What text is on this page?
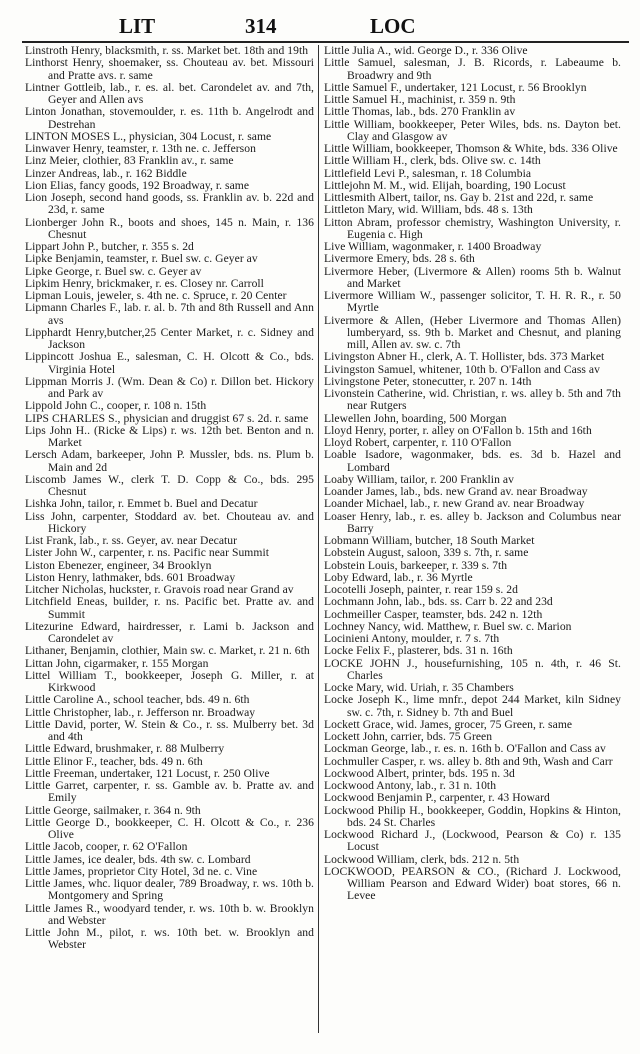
LIT	314	LOC

Linstroth Henry, blacksmith, r. ss. Market bet. 18th and 19th

Linthorst Henry, shoemaker, ss. Chouteau av. bet. Missouri and Pratte avs. r. same

Lintner Gottleib, lab., r. es. al. bet. Carondelet av. and 7th, Geyer and Allen avs

Linton Jonathan, stovemoulder, r. es. 11th b. Angelrodt and Destrehan

LINTON MOSES L., physician, 304 Locust, r. same

Linwaver Henry, teamster, r. 13th ne. c. Jefferson

Linz Meier, clothier, 83 Franklin av., r. same

Linzer Andreas, lab., r. 162 Biddle

Lion Elias, fancy goods, 192 Broadway, r. same

Lion Joseph, second hand goods, ss. Franklin av. b. 22d and 23d, r. same

Lionberger John R., boots and shoes, 145 n. Main, r. 136 Chesnut

Lippart John P., butcher, r. 355 s. 2d

Lipke Benjamin, teamster, r. Buel sw. c. Geyer av

Lipke George, r. Buel sw. c. Geyer av

Lipkim Henry, brickmaker, r. es. Closey nr. Carroll

Lipman Louis, jeweler, s. 4th ne. c. Spruce, r. 20 Center

Lipmann Charles F., lab. r. al. b. 7th and 8th Russell and Ann avs

Lipphardt Henry,butcher,25 Center Market, r. c. Sidney and Jackson

Lippincott Joshua E., salesman, C. H. Olcott & Co., bds. Virginia Hotel

Lippman Morris J. (Wm. Dean & Co) r. Dillon bet. Hickory and Park av

Lippold John C., cooper, r. 108 n. 15th

LIPS CHARLES S., physician and druggist 67 s. 2d. r. same

Lips John H.. (Ricke & Lips) r. ws. 12th bet. Benton and n. Market

Lersch Adam, barkeeper, John P. Mussler, bds. ns. Plum b. Main and 2d

Liscomb James W., clerk T. D. Copp & Co., bds. 295 Chesnut

Lishka John, tailor, r. Emmet b. Buel and Decatur

Liss John, carpenter, Stoddard av. bet. Chouteau av. and Hickory

List Frank, lab., r. ss. Geyer, av. near Decatur

Lister John W., carpenter, r. ns. Pacific near Summit

Liston Ebenezer, engineer, 34 Brooklyn

Liston Henry, lathmaker, bds. 601 Broadway

Litcher Nicholas, huckster, r. Gravois road near Grand av

Litchfield Eneas, builder, r. ns. Pacific bet. Pratte av. and Summit

Litezurine Edward, hairdresser, r. Lami b. Jackson and Carondelet av

Lithaner, Benjamin, clothier, Main sw. c. Market, r. 21 n. 6th

Littan John, cigarmaker, r. 155 Morgan

Littel William T., bookkeeper, Joseph G. Miller, r. at Kirkwood

Little Caroline A., school teacher, bds. 49 n. 6th

Little Christopher, lab., r. Jefferson nr. Broadway

Little David, porter, W. Stein & Co., r. ss. Mulberry bet. 3d and 4th

Little Edward, brushmaker, r. 88 Mulberry

Little Elinor F., teacher, bds. 49 n. 6th

Little Freeman, undertaker, 121 Locust, r. 250 Olive

Little Garret, carpenter, r. ss. Gamble av. b. Pratte av. and Emily

Little George, sailmaker, r. 364 n. 9th

Little George D., bookkeeper, C. H. Olcott & Co., r. 236 Olive

Little Jacob, cooper, r. 62 O'Fallon

Little James, ice dealer, bds. 4th sw. c. Lombard

Little James, proprietor City Hotel, 3d ne. c. Vine

Little James, whc. liquor dealer, 789 Broadway, r. ws. 10th b. Montgomery and Spring

Little James R., woodyard tender, r. ws. 10th b. w. Brooklyn and Webster

Little John M., pilot, r. ws. 10th bet. w. Brooklyn and Webster

Little Julia A., wid. George D., r. 336 Olive

Little Samuel, salesman, J. B. Ricords, r. Labeaume b. Broadwry and 9th

Little Samuel F., undertaker, 121 Locust, r. 56 Brooklyn

Little Samuel H., machinist, r. 359 n. 9th

Little Thomas, lab., bds. 270 Franklin av

Little William, bookkeeper, Peter Wiles, bds. ns. Dayton bet. Clay and Glasgow av

Little William, bookkeeper, Thomson & White, bds. 336 Olive

Little William H., clerk, bds. Olive sw. c. 14th

Littlefield Levi P., salesman, r. 18 Columbia

Littlejohn M. M., wid. Elijah, boarding, 190 Locust

Littlesmith Albert, tailor, ns. Gay b. 21st and 22d, r. same

Littleton Mary, wid. William, bds. 48 s. 13th

Litton Abram, professor chemistry, Washington University, r. Eugenia c. High

Live William, wagonmaker, r. 1400 Broadway

Livermore Emery, bds. 28 s. 6th

Livermore Heber, (Livermore & Allen) rooms 5th b. Walnut and Market

Livermore William W., passenger solicitor, T. H. R. R., r. 50 Myrtle

Livermore & Allen, (Heber Livermore and Thomas Allen) lumberyard, ss. 9th b. Market and Chesnut, and planing mill, Allen av. sw. c. 7th

Livingston Abner H., clerk, A. T. Hollister, bds. 373 Market

Livingston Samuel, whitener, 10th b. O'Fallon and Cass av

Livingstone Peter, stonecutter, r. 207 n. 14th

Livonstein Catherine, wid. Christian, r. ws. alley b. 5th and 7th near Rutgers

Llewellen John, boarding, 500 Morgan

Lloyd Henry, porter, r. alley on O'Fallon b. 15th and 16th

Lloyd Robert, carpenter, r. 110 O'Fallon

Loable Isadore, wagonmaker, bds. es. 3d b. Hazel and Lombard

Loaby William, tailor, r. 200 Franklin av

Loander James, lab., bds. new Grand av. near Broadway

Loander Michael, lab., r. new Grand av. near Broadway

Loaser Henry, lab., r. es. alley b. Jackson and Columbus near Barry

Lobmann William, butcher, 18 South Market

Lobstein August, saloon, 339 s. 7th, r. same

Lobstein Louis, barkeeper, r. 339 s. 7th

Loby Edward, lab., r. 36 Myrtle

Locotelli Joseph, painter, r. rear 159 s. 2d

Lochmann John, lab., bds. ss. Carr b. 22 and 23d

Lochmeiller Casper, teamster, bds. 242 n. 12th

Lochney Nancy, wid. Matthew, r. Buel sw. c. Marion

Locinieni Antony, moulder, r. 7 s. 7th

Locke Felix F., plasterer, bds. 31 n. 16th

LOCKE JOHN J., housefurnishing, 105 n. 4th, r. 46 St. Charles

Locke Mary, wid. Uriah, r. 35 Chambers

Locke Joseph K., lime mnfr., depot 244 Market, kiln Sidney sw. c. 7th, r. Sidney b. 7th and Buel

Lockett Grace, wid. James, grocer, 75 Green, r. same

Lockett John, carrier, bds. 75 Green

Lockman George, lab., r. es. n. 16th b. O'Fallon and Cass av

Lochmuller Casper, r. ws. alley b. 8th and 9th, Wash and Carr

Lockwood Albert, printer, bds. 195 n. 3d

Lockwood Antony, lab., r. 31 n. 10th

Lockwood Benjamin P., carpenter, r. 43 Howard

Lockwood Philip H., bookkeeper, Goddin, Hopkins & Hinton, bds. 24 St. Charles

Lockwood Richard J., (Lockwood, Pearson & Co) r. 135 Locust

Lockwood William, clerk, bds. 212 n. 5th

LOCKWOOD, PEARSON & CO., (Richard J. Lockwood, William Pearson and Edward Wider) boat stores, 66 n. Levee
